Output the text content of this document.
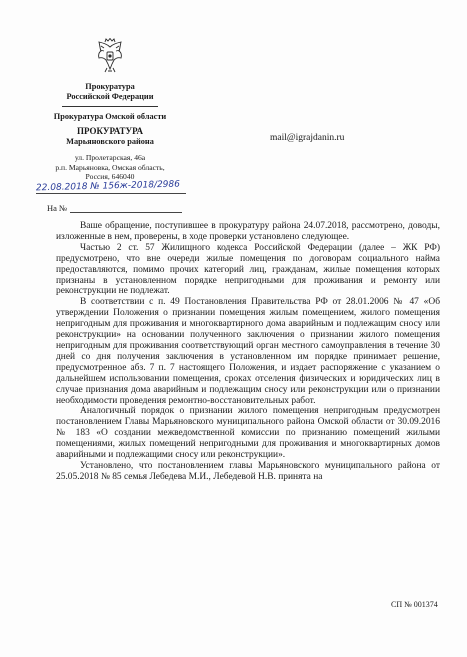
Прокуратура
Российской Федерации
Прокуратура Омской области
ПРОКУРАТУРА
Марьяновского района
ул. Пролетарская, 46а
р.п. Марьяновка, Омская область,
Россия, 646040
mail@igrajdanin.ru
22.08.2018 № 156ж-2018/2986
На №

Ваше обращение, поступившее в прокуратуру района 24.07.2018, рассмотрено, доводы, изложенные в нем, проверены, в ходе проверки установлено следующее.

Частью 2 ст. 57 Жилищного кодекса Российской Федерации (далее – ЖК РФ) предусмотрено, что вне очереди жилые помещения по договорам социального найма предоставляются, помимо прочих категорий лиц, гражданам, жилые помещения которых признаны в установленном порядке непригодными для проживания и ремонту или реконструкции не подлежат.

В соответствии с п. 49 Постановления Правительства РФ от 28.01.2006 № 47 «Об утверждении Положения о признании помещения жилым помещением, жилого помещения непригодным для проживания и многоквартирного дома аварийным и подлежащим сносу или реконструкции» на основании полученного заключения о признании жилого помещения непригодным для проживания соответствующий орган местного самоуправления в течение 30 дней со дня получения заключения в установленном им порядке принимает решение, предусмотренное абз. 7 п. 7 настоящего Положения, и издает распоряжение с указанием о дальнейшем использовании помещения, сроках отселения физических и юридических лиц в случае признания дома аварийным и подлежащим сносу или реконструкции или о признании необходимости проведения ремонтно-восстановительных работ.

Аналогичный порядок о признании жилого помещения непригодным предусмотрен постановлением Главы Марьяновского муниципального района Омской области от 30.09.2016 № 183 «О создании межведомственной комиссии по признанию помещений жилыми помещениями, жилых помещений непригодными для проживания и многоквартирных домов аварийными и подлежащими сносу или реконструкции».

Установлено, что постановлением главы Марьяновского муниципального района от 25.05.2018 № 85 семья Лебедева М.И., Лебедевой Н.В. принята на

СП № 001374
